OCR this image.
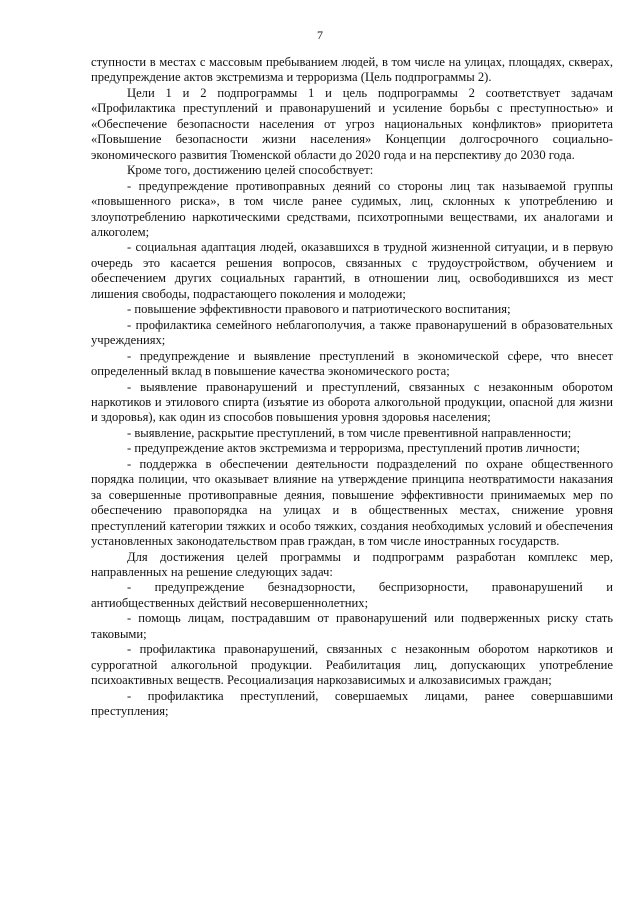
7

ступности в местах с массовым пребыванием людей, в том числе на улицах, площадях, скверах, предупреждение актов экстремизма и терроризма (Цель подпрограммы 2).

Цели 1 и 2 подпрограммы 1 и цель подпрограммы 2 соответствует задачам «Профилактика преступлений и правонарушений и усиление борьбы с преступностью» и «Обеспечение безопасности населения от угроз национальных конфликтов» приоритета «Повышение безопасности жизни населения» Концепции долгосрочного социально-экономического развития Тюменской области до 2020 года и на перспективу до 2030 года.

Кроме того, достижению целей способствует:

- предупреждение противоправных деяний со стороны лиц так называемой группы «повышенного риска», в том числе ранее судимых, лиц, склонных к употреблению и злоупотреблению наркотическими средствами, психотропными веществами, их аналогами и алкоголем;

- социальная адаптация людей, оказавшихся в трудной жизненной ситуации, и в первую очередь это касается решения вопросов, связанных с трудоустройством, обучением и обеспечением других социальных гарантий, в отношении лиц, освободившихся из мест лишения свободы, подрастающего поколения и молодежи;

- повышение эффективности правового и патриотического воспитания;

- профилактика семейного неблагополучия, а также правонарушений в образовательных учреждениях;

- предупреждение и выявление преступлений в экономической сфере, что внесет определенный вклад в повышение качества экономического роста;

- выявление правонарушений и преступлений, связанных с незаконным оборотом наркотиков и этилового спирта (изъятие из оборота алкогольной продукции, опасной для жизни и здоровья), как один из способов повышения уровня здоровья населения;

- выявление, раскрытие преступлений, в том числе превентивной направленности;

- предупреждение актов экстремизма и терроризма, преступлений против личности;

- поддержка в обеспечении деятельности подразделений по охране общественного порядка полиции, что оказывает влияние на утверждение принципа неотвратимости наказания за совершенные противоправные деяния, повышение эффективности принимаемых мер по обеспечению правопорядка на улицах и в общественных местах, снижение уровня преступлений категории тяжких и особо тяжких, создания необходимых условий и обеспечения установленных законодательством прав граждан, в том числе иностранных государств.

Для достижения целей программы и подпрограмм разработан комплекс мер, направленных на решение следующих задач:

- предупреждение безнадзорности, беспризорности, правонарушений и антиобщественных действий несовершеннолетних;

- помощь лицам, пострадавшим от правонарушений или подверженных риску стать таковыми;

- профилактика правонарушений, связанных с незаконным оборотом наркотиков и суррогатной алкогольной продукции. Реабилитация лиц, допускающих употребление психоактивных веществ. Ресоциализация наркозависимых и алкозависимых граждан;

- профилактика преступлений, совершаемых лицами, ранее совершавшими преступления;
